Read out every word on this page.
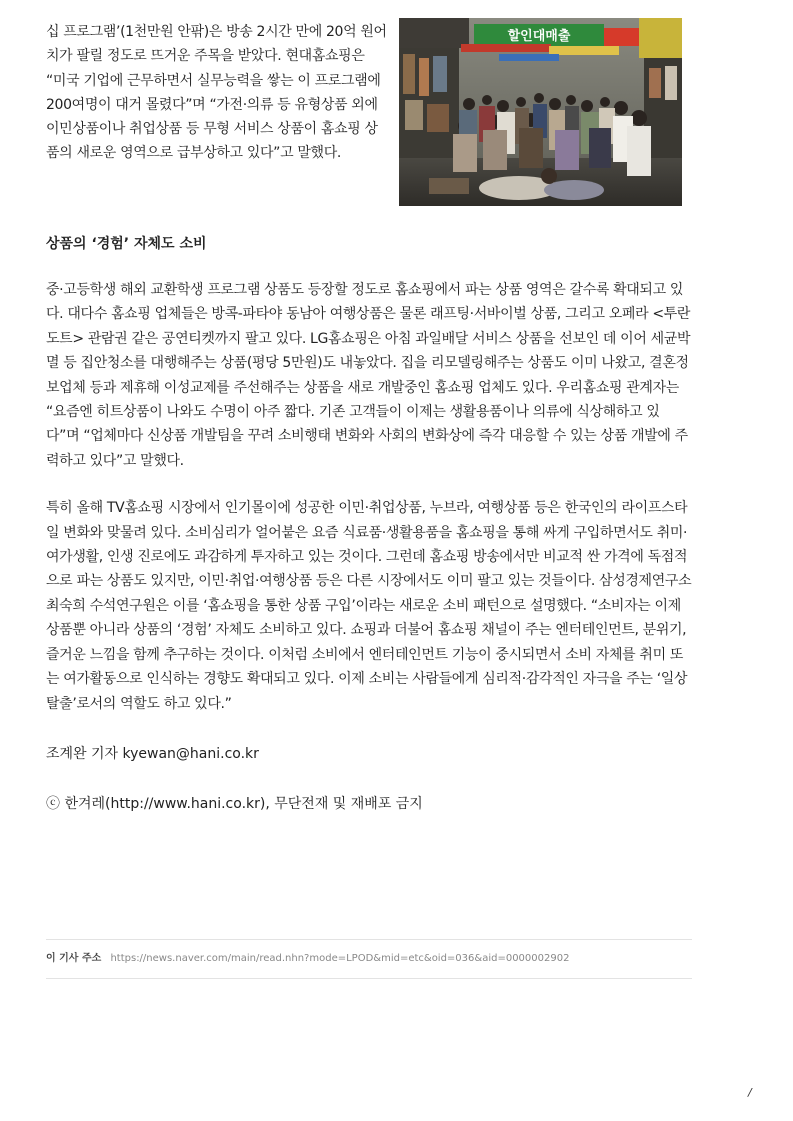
십 프로그램’(1천만원 안팎)은 방송 2시간 만에 20억 원어치가 팔릴 정도로 뜨거운 주목을 받았다. 현대홈쇼핑은 “미국 기업에 근무하면서 실무능력을 쌓는 이 프로그램에 200여명이 대거 몰렸다”며 “가전·의류 등 유형상품 외에 이민상품이나 취업상품 등 무형 서비스 상품이 홈쇼핑 상품의 새로운 영역으로 급부상하고 있다”고 말했다.

할인대매출
상품의 ‘경험’ 자체도 소비

중·고등학생 해외 교환학생 프로그램 상품도 등장할 정도로 홈쇼핑에서 파는 상품 영역은 갈수록 확대되고 있다. 대다수 홈쇼핑 업체들은 방콕-파타야 동남아 여행상품은 물론 래프팅·서바이벌 상품, 그리고 오페라 <투란도트> 관람권 같은 공연티켓까지 팔고 있다. LG홈쇼핑은 아침 과일배달 서비스 상품을 선보인 데 이어 세균박멸 등 집안청소를 대행해주는 상품(평당 5만원)도 내놓았다. 집을 리모델링해주는 상품도 이미 나왔고, 결혼정보업체 등과 제휴해 이성교제를 주선해주는 상품을 새로 개발중인 홈쇼핑 업체도 있다. 우리홈쇼핑 관계자는 “요즘엔 히트상품이 나와도 수명이 아주 짧다. 기존 고객들이 이제는 생활용품이나 의류에 식상해하고 있다”며 “업체마다 신상품 개발팀을 꾸려 소비행태 변화와 사회의 변화상에 즉각 대응할 수 있는 상품 개발에 주력하고 있다”고 말했다.

특히 올해 TV홈쇼핑 시장에서 인기몰이에 성공한 이민·취업상품, 누브라, 여행상품 등은 한국인의 라이프스타일 변화와 맞물려 있다. 소비심리가 얼어붙은 요즘 식료품·생활용품을 홈쇼핑을 통해 싸게 구입하면서도 취미·여가생활, 인생 진로에도 과감하게 투자하고 있는 것이다. 그런데 홈쇼핑 방송에서만 비교적 싼 가격에 독점적으로 파는 상품도 있지만, 이민·취업·여행상품 등은 다른 시장에서도 이미 팔고 있는 것들이다. 삼성경제연구소 최숙희 수석연구원은 이를 ‘홈쇼핑을 통한 상품 구입’이라는 새로운 소비 패턴으로 설명했다. “소비자는 이제 상품뿐 아니라 상품의 ‘경험’ 자체도 소비하고 있다. 쇼핑과 더불어 홈쇼핑 채널이 주는 엔터테인먼트, 분위기, 즐거운 느낌을 함께 추구하는 것이다. 이처럼 소비에서 엔터테인먼트 기능이 중시되면서 소비 자체를 취미 또는 여가활동으로 인식하는 경향도 확대되고 있다. 이제 소비는 사람들에게 심리적·감각적인 자극을 주는 ‘일상탈출’로서의 역할도 하고 있다.”

조계완 기자 kyewan@hani.co.kr

ⓒ 한겨레(http://www.hani.co.kr), 무단전재 및 재배포 금지

이 기사 주소 https://news.naver.com/main/read.nhn?mode=LPOD&mid=etc&oid=036&aid=0000002902
/
